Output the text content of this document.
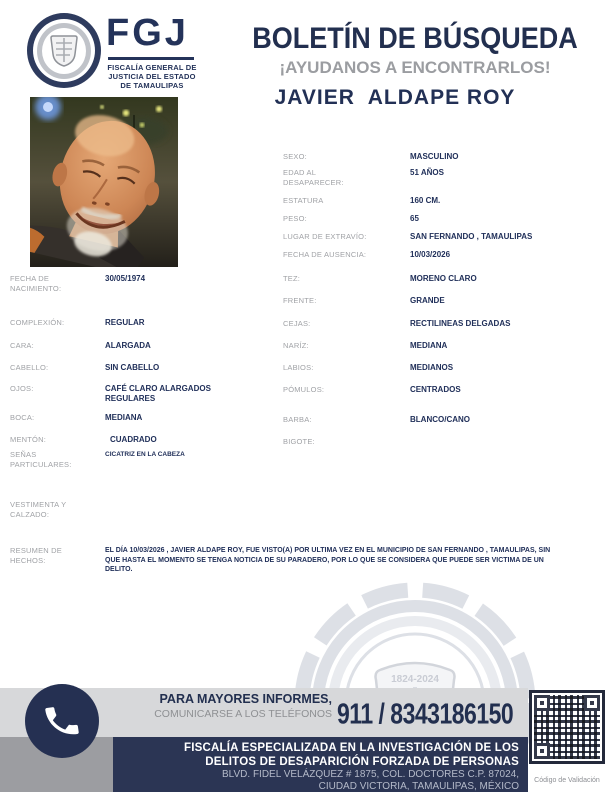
1824-2024
FGJ
FISCALÍA GENERAL DE
JUSTICIA DEL ESTADO
DE TAMAULIPAS
BOLETÍN DE BÚSQUEDA
¡AYUDANOS A ENCONTRARLOS!
JAVIER  ALDAPE ROY
SEXO:	MASCULINO
EDAD AL DESAPARECER:
51 AÑOS
ESTATURA	160 CM.
PESO:	65
LUGAR DE EXTRAVÍO:	SAN FERNANDO , TAMAULIPAS
FECHA DE AUSENCIA:	10/03/2026
TEZ:	MORENO CLARO
FRENTE:	GRANDE
CEJAS:	RECTILINEAS DELGADAS
NARÍZ:	MEDIANA
LABIOS:	MEDIANOS
PÓMULOS:	CENTRADOS
BARBA:	BLANCO/CANO
BIGOTE:
FECHA DE NACIMIENTO:
30/05/1974
COMPLEXIÓN:	REGULAR
CARA:	ALARGADA
CABELLO:	SIN CABELLO
OJOS:	CAFÉ CLARO ALARGADOS REGULARES
BOCA:	MEDIANA
MENTÓN:	CUADRADO
SEÑAS PARTICULARES:
CICATRIZ EN LA CABEZA
VESTIMENTA Y CALZADO:
RESUMEN DE HECHOS:
EL DÍA 10/03/2026 , JAVIER ALDAPE ROY, FUE VISTO(A) POR ULTIMA VEZ EN EL MUNICIPIO DE SAN FERNANDO , TAMAULIPAS, SIN QUE HASTA EL MOMENTO SE TENGA NOTICIA DE SU PARADERO, POR LO QUE SE CONSIDERA QUE PUEDE SER VICTIMA DE UN DELITO.
FISCALÍA ESPECIALIZADA EN LA INVESTIGACIÓN DE LOS
DELITOS DE DESAPARICIÓN FORZADA DE PERSONAS
BLVD. FIDEL VELÁZQUEZ # 1875, COL. DOCTORES C.P. 87024,
CIUDAD VICTORIA, TAMAULIPAS, MÉXICO
PARA MAYORES INFORMES,
COMUNICARSE A LOS TELÉFONOS 911 / 8343186150
Código de Validación
